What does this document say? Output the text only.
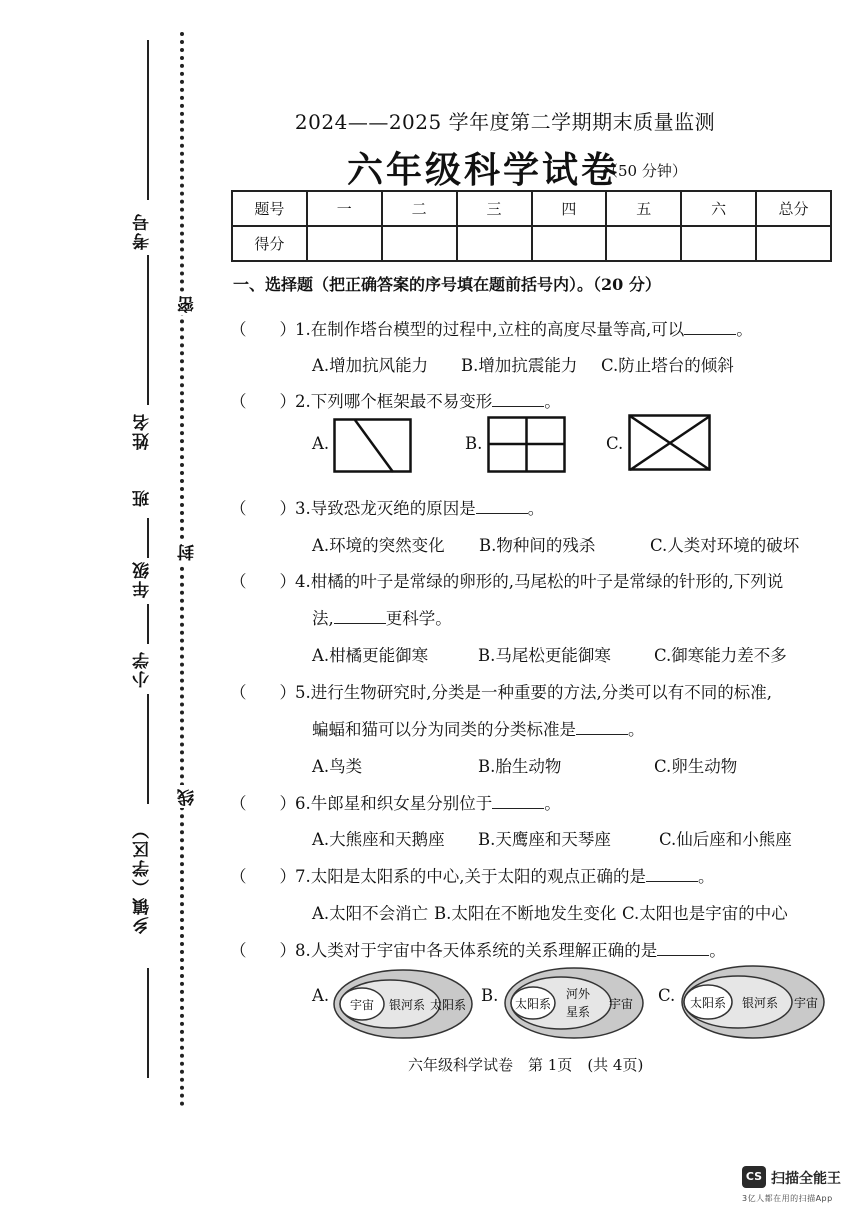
考号
姓名
班
年级
小学
乡镇（学区）
密
封
线
2024——2025 学年度第二学期期末质量监测
六年级科学试卷
（50 分钟）
题号	一	二	三	四	五	六	总分
得分							
一、选择题（把正确答案的序号填在题前括号内）。（20 分）
（　　） 1.在制作塔台模型的过程中,立柱的高度尽量等高,可以	。
A.增加抗风能力 B.增加抗震能力 C.防止塔台的倾斜
（　　） 2.下列哪个框架最不易变形	。
A.	B.	C.
（　　） 3.导致恐龙灭绝的原因是	。
A.环境的突然变化 B.物种间的残杀	C.人类对环境的破坏
（　　） 4.柑橘的叶子是常绿的卵形的,马尾松的叶子是常绿的针形的,下列说
法,	更科学。
A.柑橘更能御寒	B.马尾松更能御寒	C.御寒能力差不多
（　　） 5.进行生物研究时,分类是一种重要的方法,分类可以有不同的标准,
蝙蝠和猫可以分为同类的分类标准是	。
A.鸟类	B.胎生动物	C.卵生动物
（　　） 6.牛郎星和织女星分别位于	。
A.大熊座和天鹅座 B.天鹰座和天琴座	C.仙后座和小熊座
（　　） 7.太阳是太阳系的中心,关于太阳的观点正确的是	。
A.太阳不会消亡 B.太阳在不断地发生变化 C.太阳也是宇宙的中心
（　　） 8.人类对于宇宙中各天体系统的关系理解正确的是	。
A.	太阳系
银河系
宇宙	B.	宇宙
河外
星系
太阳系	C.	宇宙
银河系
太阳系
六年级科学试卷　第 1页　(共 4页)
CS 扫描全能王
3亿人都在用的扫描App
